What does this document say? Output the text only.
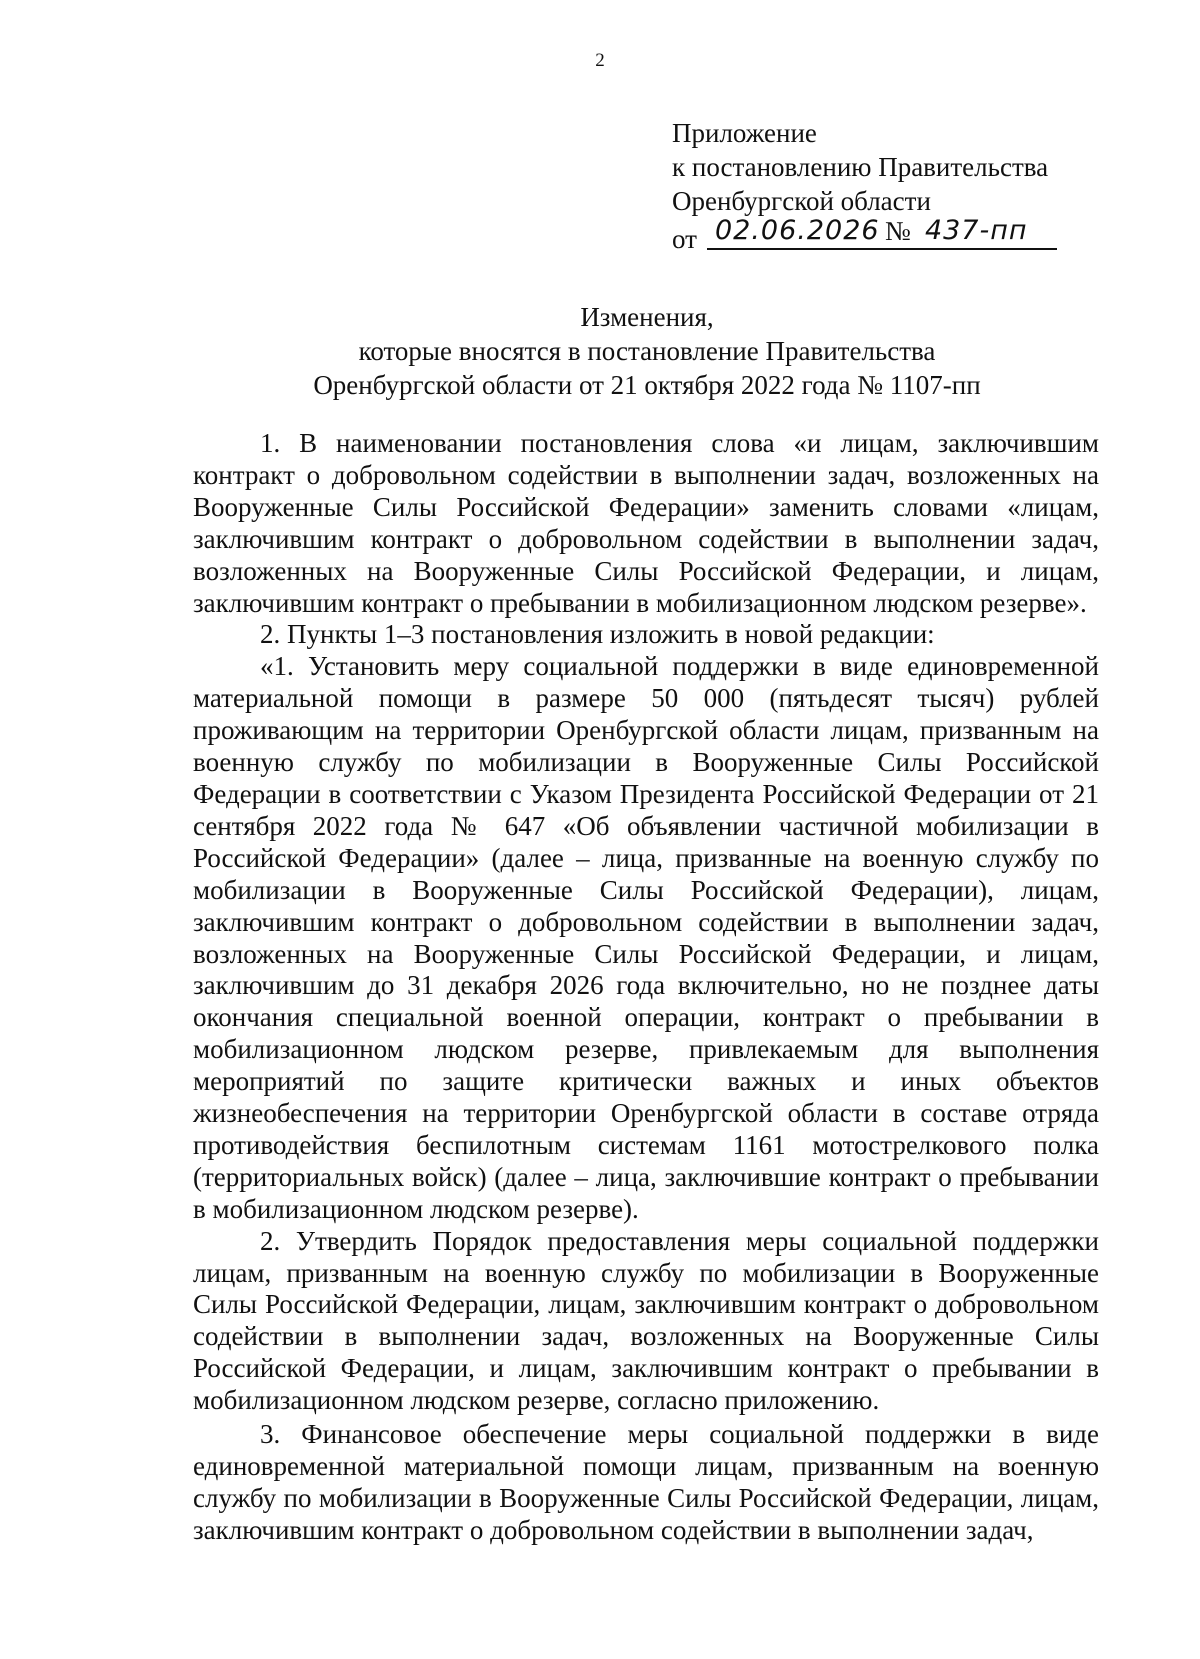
2
Приложение
к постановлению Правительства
Оренбургской области
от 02.06.2026 № 437-пп
Изменения,
которые вносятся в постановление Правительства
Оренбургской области от 21 октября 2022 года № 1107-пп

1. В наименовании постановления слова «и лицам, заключившим контракт о добровольном содействии в выполнении задач, возложенных на Вооруженные Силы Российской Федерации» заменить словами «лицам, заключившим контракт о добровольном содействии в выполнении задач, возложенных на Вооруженные Силы Российской Федерации, и лицам, заключившим контракт о пребывании в мобилизационном людском резерве».

2. Пункты 1–3 постановления изложить в новой редакции:

«1. Установить меру социальной поддержки в виде единовременной материальной помощи в размере 50 000 (пятьдесят тысяч) рублей проживающим на территории Оренбургской области лицам, призванным на военную службу по мобилизации в Вооруженные Силы Российской Федерации в соответствии с Указом Президента Российской Федерации от 21 сентября 2022 года № 647 «Об объявлении частичной мобилизации в Российской Федерации» (далее – лица, призванные на военную службу по мобилизации в Вооруженные Силы Российской Федерации), лицам, заключившим контракт о добровольном содействии в выполнении задач, возложенных на Вооруженные Силы Российской Федерации, и лицам, заключившим до 31 декабря 2026 года включительно, но не позднее даты окончания специальной военной операции, контракт о пребывании в мобилизационном людском резерве, привлекаемым для выполнения мероприятий по защите критически важных и иных объектов жизнеобеспечения на территории Оренбургской области в составе отряда противодействия беспилотным системам 1161 мотострелкового полка (территориальных войск) (далее – лица, заключившие контракт о пребывании в мобилизационном людском резерве).

2. Утвердить Порядок предоставления меры социальной поддержки лицам, призванным на военную службу по мобилизации в Вооруженные Силы Российской Федерации, лицам, заключившим контракт о добровольном содействии в выполнении задач, возложенных на Вооруженные Силы Российской Федерации, и лицам, заключившим контракт о пребывании в мобилизационном людском резерве, согласно приложению.

3. Финансовое обеспечение меры социальной поддержки в виде единовременной материальной помощи лицам, призванным на военную службу по мобилизации в Вооруженные Силы Российской Федерации, лицам, заключившим контракт о добровольном содействии в выполнении задач,
